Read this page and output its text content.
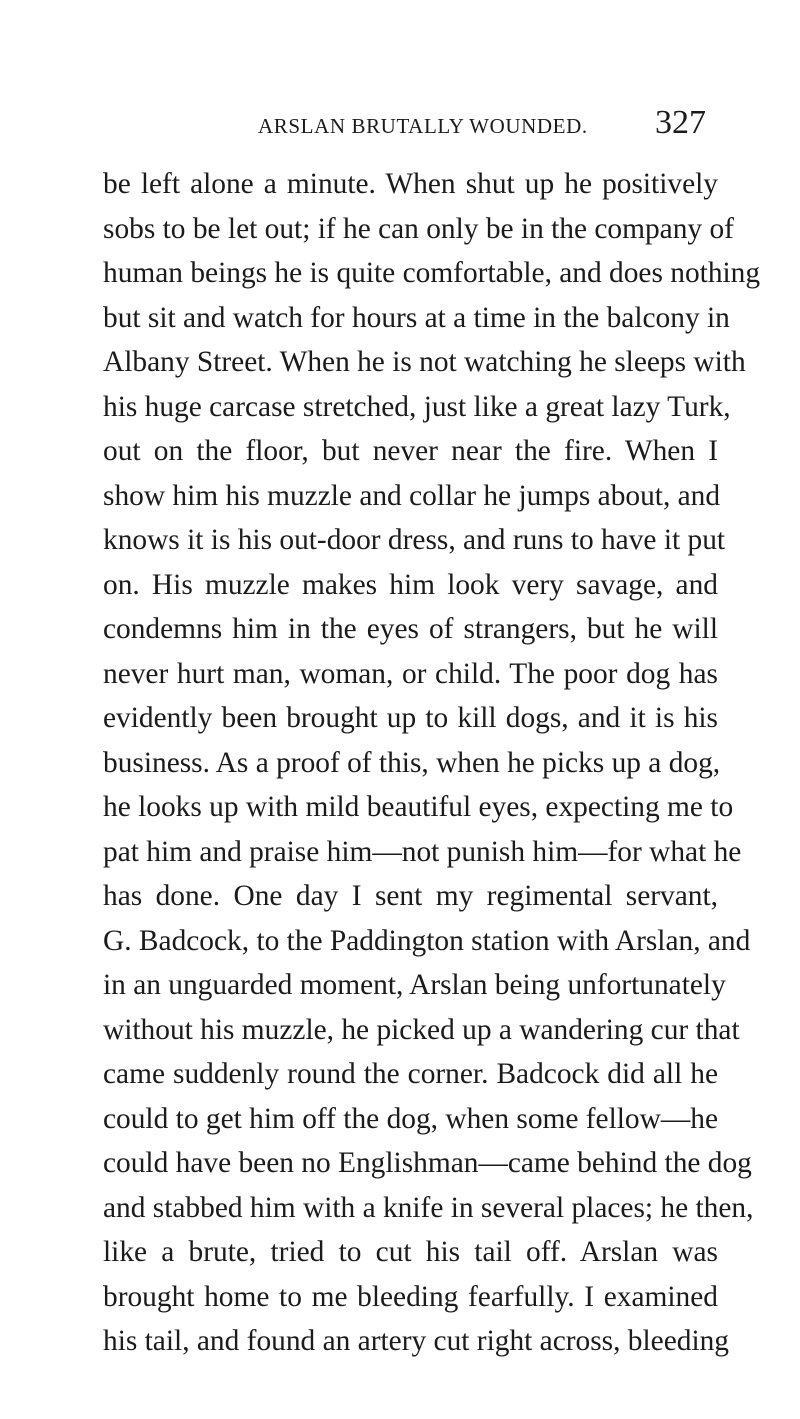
ARSLAN BRUTALLY WOUNDED. 327
be left alone a minute. When shut up he positively
sobs to be let out; if he can only be in the company of
human beings he is quite comfortable, and does nothing
but sit and watch for hours at a time in the balcony in
Albany Street. When he is not watching he sleeps with
his huge carcase stretched, just like a great lazy Turk,
out on the floor, but never near the fire. When I
show him his muzzle and collar he jumps about, and
knows it is his out-door dress, and runs to have it put
on. His muzzle makes him look very savage, and
condemns him in the eyes of strangers, but he will
never hurt man, woman, or child. The poor dog has
evidently been brought up to kill dogs, and it is his
business. As a proof of this, when he picks up a dog,
he looks up with mild beautiful eyes, expecting me to
pat him and praise him—not punish him—for what he
has done. One day I sent my regimental servant,
G. Badcock, to the Paddington station with Arslan, and
in an unguarded moment, Arslan being unfortunately
without his muzzle, he picked up a wandering cur that
came suddenly round the corner. Badcock did all he
could to get him off the dog, when some fellow—he
could have been no Englishman—came behind the dog
and stabbed him with a knife in several places; he then,
like a brute, tried to cut his tail off. Arslan was
brought home to me bleeding fearfully. I examined
his tail, and found an artery cut right across, bleeding
